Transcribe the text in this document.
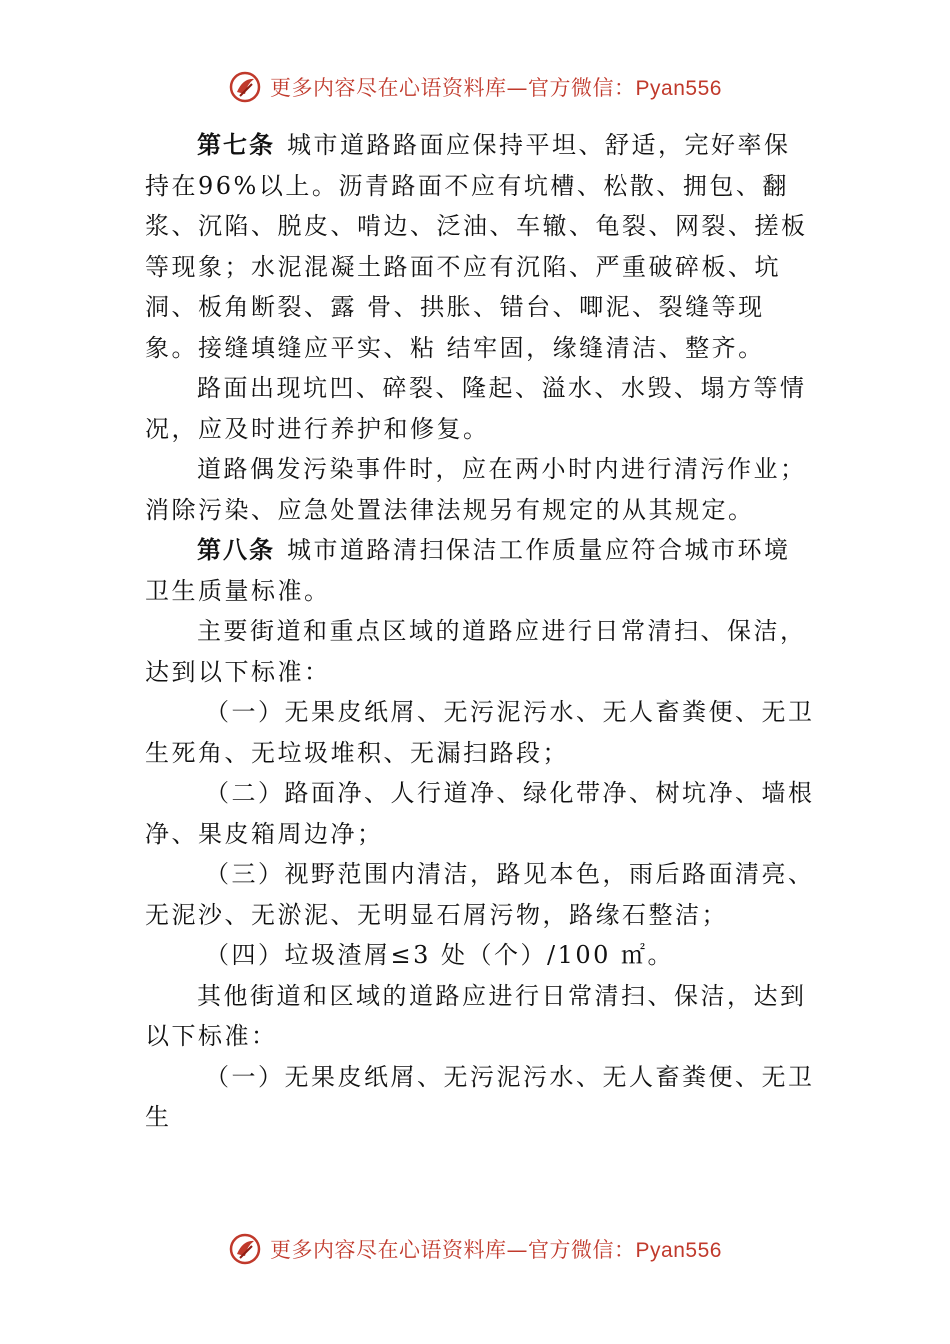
更多内容尽在心语资料库—官方微信：Pyan556

第七条 城市道路路面应保持平坦、舒适，完好率保持在96%以上。沥青路面不应有坑槽、松散、拥包、翻浆、沉陷、脱皮、啃边、泛油、车辙、龟裂、网裂、搓板等现象；水泥混凝土路面不应有沉陷、严重破碎板、坑洞、板角断裂、露 骨、拱胀、错台、唧泥、裂缝等现象。接缝填缝应平实、粘 结牢固，缘缝清洁、整齐。

路面出现坑凹、碎裂、隆起、溢水、水毁、塌方等情况，应及时进行养护和修复。

道路偶发污染事件时，应在两小时内进行清污作业；消除污染、应急处置法律法规另有规定的从其规定。

第八条 城市道路清扫保洁工作质量应符合城市环境卫生质量标准。

主要街道和重点区域的道路应进行日常清扫、保洁，达到以下标准：

（一）无果皮纸屑、无污泥污水、无人畜粪便、无卫生死角、无垃圾堆积、无漏扫路段；

（二）路面净、人行道净、绿化带净、树坑净、墙根净、果皮箱周边净；

（三）视野范围内清洁，路见本色，雨后路面清亮、无泥沙、无淤泥、无明显石屑污物，路缘石整洁；

（四）垃圾渣屑≤3 处（个）/100 ㎡。

其他街道和区域的道路应进行日常清扫、保洁，达到以下标准：

（一）无果皮纸屑、无污泥污水、无人畜粪便、无卫生

更多内容尽在心语资料库—官方微信：Pyan556
